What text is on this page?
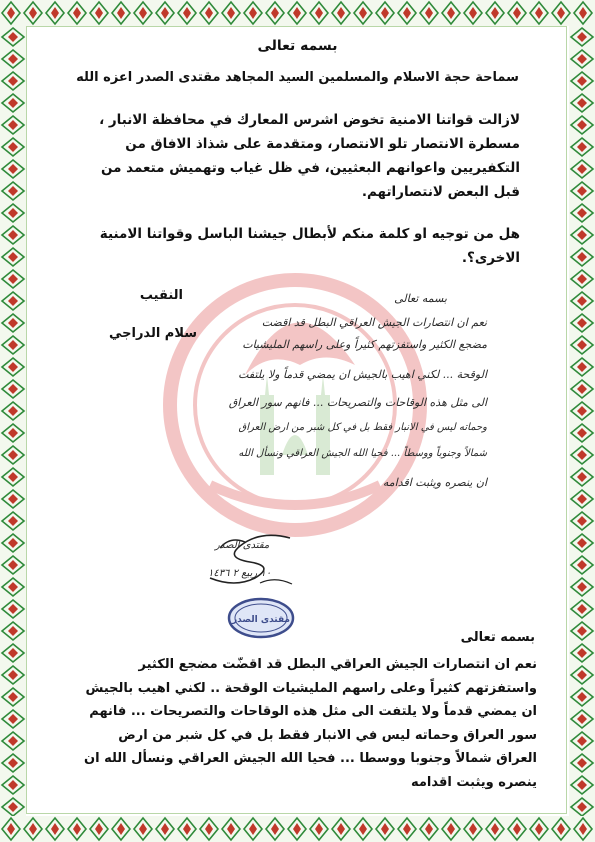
بسمه تعالى
سماحة حجة الاسلام والمسلمين السيد المجاهد مقتدى الصدر اعزه الله
لازالت قواتنا الامنية تخوض اشرس المعارك في محافظة الانبار ،
مسطرة الانتصار تلو الانتصار، ومتقدمة على شذاذ الافاق من
التكفيريين واعوانهم البعثيين، في ظل غياب وتهميش متعمد من
قبل البعض لانتصاراتهم.
هل من توجيه او كلمة منكم لأبطال جيشنا الباسل وقواتنا الامنية
الاخرى؟.
النقيب
سلام الدراجي
بسمه تعالى
نعم ان انتصارات الجيش العراقي البطل قد اقضت
مضجع الكثير واستفزتهم كثيراً وعلى راسهم المليشيات
الوقحة ... لكني اهيب بالجيش ان يمضي قدماً ولا يلتفت
الى مثل هذه الوقاحات والتصريحات ... فانهم سور العراق
وحماته ليس في الانبار فقط بل في كل شبر من ارض العراق
شمالاً وجنوباً ووسطاً ... فحيا الله الجيش العراقي ونسأل الله
ان ينصره ويثبت اقدامه
مقتدى الصدر
١٠ ربيع ٢ ١٤٣٦
مقتدى الصدر
بسمه تعالى
نعم ان انتصارات الجيش العراقي البطل قد اقضّت مضجع الكثير
واستفزتهم كثيراً وعلى راسهم المليشيات الوقحة .. لكني اهيب بالجيش
ان يمضي قدماً ولا يلتفت الى مثل هذه الوقاحات والتصريحات ... فانهم
سور العراق وحماته ليس في الانبار فقط بل في كل شبر من ارض
العراق شمالاً وجنوبا ووسطا ... فحيا الله الجيش العراقي ونسأل الله ان
ينصره ويثبت اقدامه
